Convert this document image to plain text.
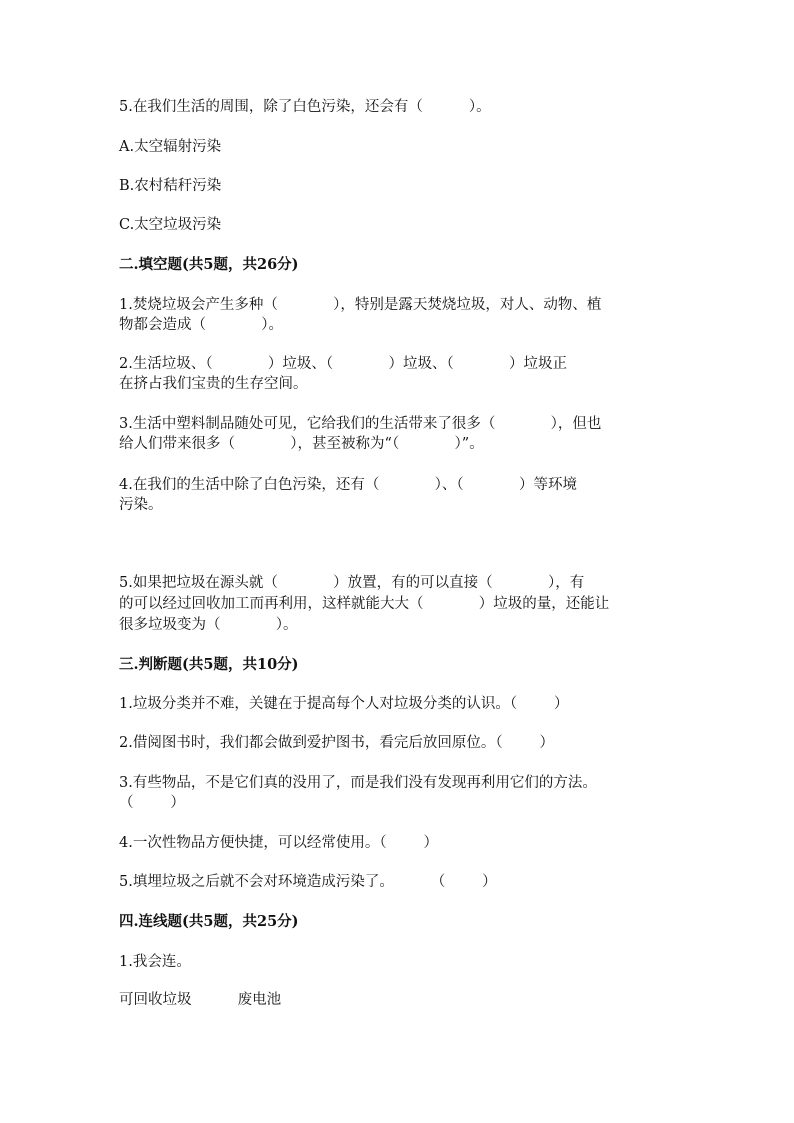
5.在我们生活的周围，除了白色污染，还会有（          ）。
A.太空辐射污染
B.农村秸秆污染
C.太空垃圾污染
二.填空题(共5题，共26分)
1.焚烧垃圾会产生多种（            ），特别是露天焚烧垃圾，对人、动物、植
物都会造成（            ）。
2.生活垃圾、（            ）垃圾、（            ）垃圾、（            ）垃圾正
在挤占我们宝贵的生存空间。
3.生活中塑料制品随处可见，它给我们的生活带来了很多（            ），但也
给人们带来很多（            ），甚至被称为“（            ）”。
4.在我们的生活中除了白色污染，还有（            ）、（            ）等环境
污染。
5.如果把垃圾在源头就（            ）放置，有的可以直接（            ），有
的可以经过回收加工而再利用，这样就能大大（            ）垃圾的量，还能让
很多垃圾变为（            ）。
三.判断题(共5题，共10分)
1.垃圾分类并不难，关键在于提高每个人对垃圾分类的认识。（        ）
2.借阅图书时，我们都会做到爱护图书，看完后放回原位。（        ）
3.有些物品，不是它们真的没用了，而是我们没有发现再利用它们的方法。
（        ）
4.一次性物品方便快捷，可以经常使用。（        ）
5.填埋垃圾之后就不会对环境造成污染了。        （        ）
四.连线题(共5题，共25分)
1.我会连。
可回收垃圾          废电池
